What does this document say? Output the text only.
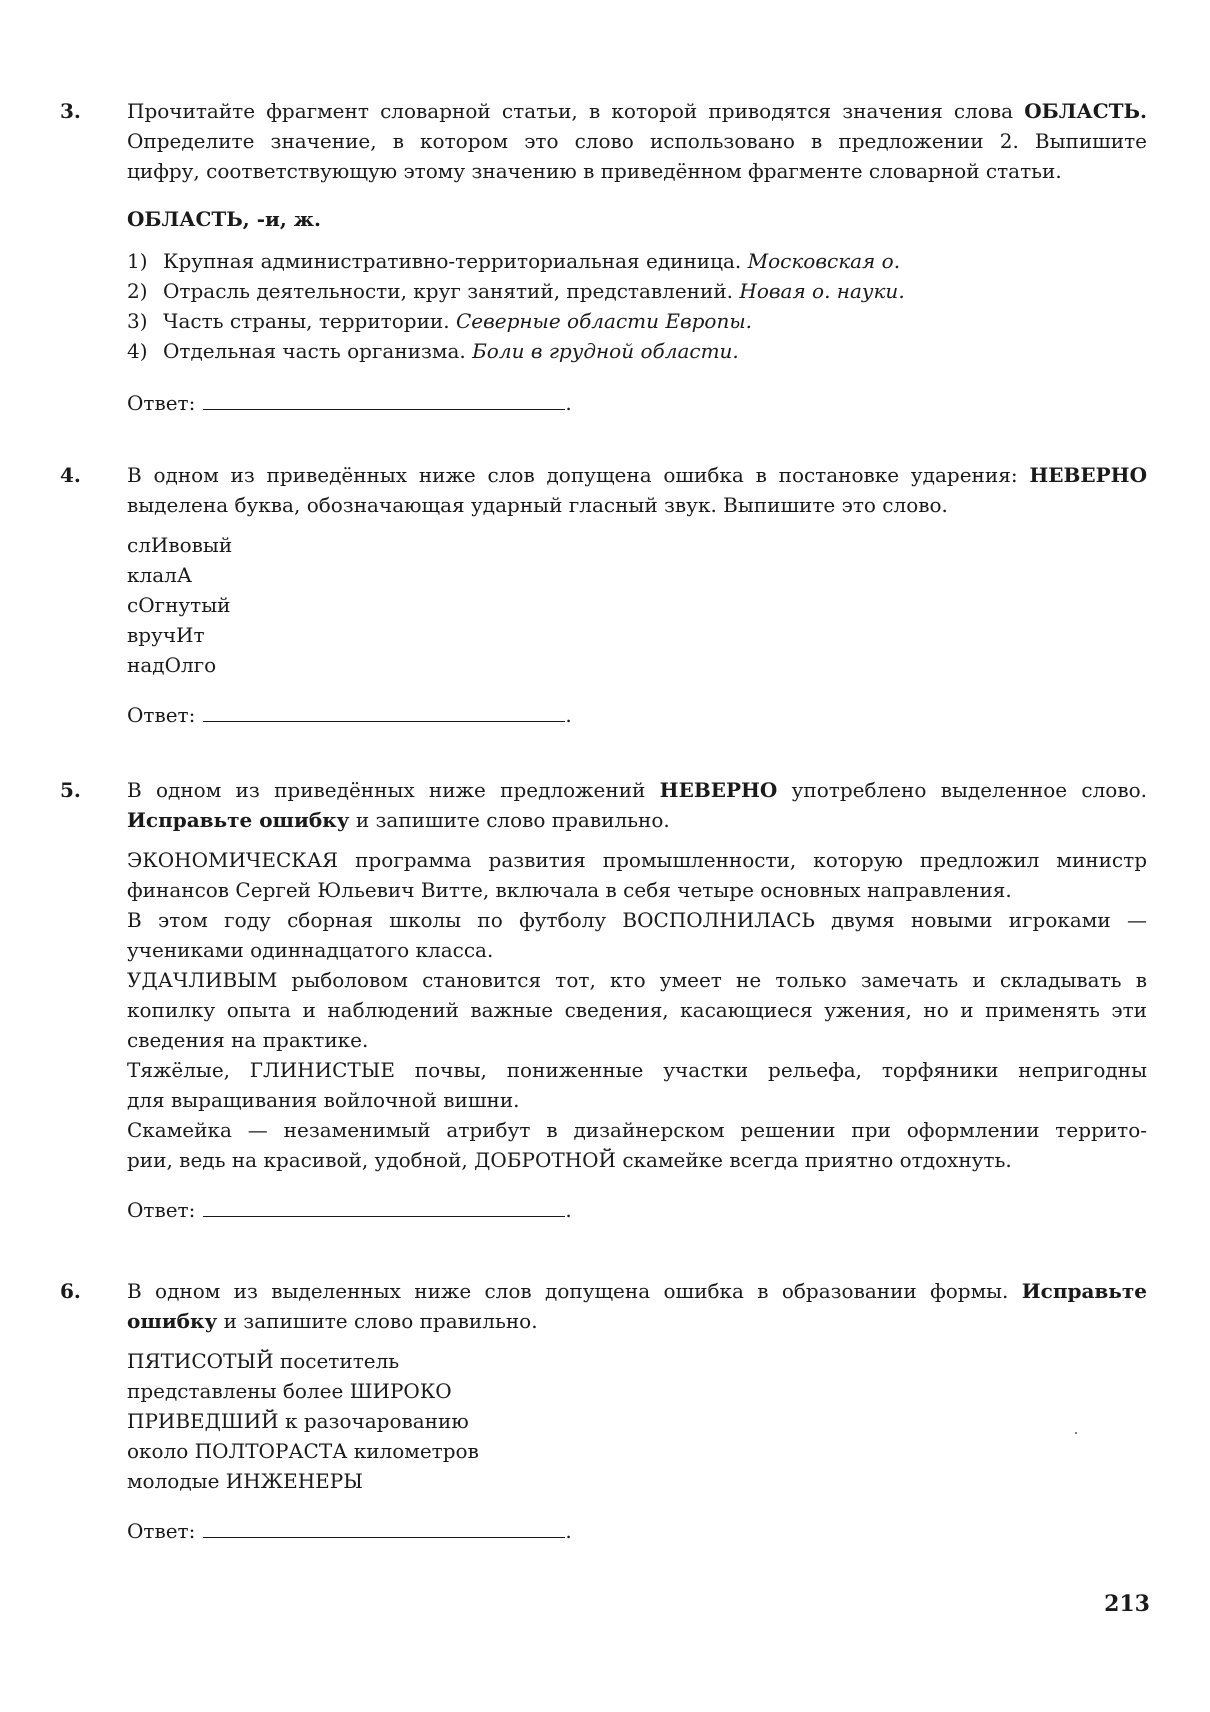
3. Прочитайте фрагмент словарной статьи, в которой приводятся значения слова ОБЛАСТЬ.
Определите значение, в котором это слово использовано в предложении 2. Выпишите
цифру, соответствующую этому значению в приведённом фрагменте словарной статьи.
ОБЛАСТЬ, -и, ж.
1) Крупная административно-территориальная единица. Московская о.
2) Отрасль деятельности, круг занятий, представлений. Новая о. науки.
3) Часть страны, территории. Северные области Европы.
4) Отдельная часть организма. Боли в грудной области.
Ответ:	.
4. В одном из приведённых ниже слов допущена ошибка в постановке ударения: НЕВЕРНО
выделена буква, обозначающая ударный гласный звук. Выпишите это слово.
слИвовый
клалА
сОгнутый
вручИт
надОлго
Ответ:	.
5. В одном из приведённых ниже предложений НЕВЕРНО употреблено выделенное слово.
Исправьте ошибку и запишите слово правильно.
ЭКОНОМИЧЕСКАЯ программа развития промышленности, которую предложил министр
финансов Сергей Юльевич Витте, включала в себя четыре основных направления.
В этом году сборная школы по футболу ВОСПОЛНИЛАСЬ двумя новыми игроками —
учениками одиннадцатого класса.
УДАЧЛИВЫМ рыболовом становится тот, кто умеет не только замечать и складывать в
копилку опыта и наблюдений важные сведения, касающиеся ужения, но и применять эти
сведения на практике.
Тяжёлые, ГЛИНИСТЫЕ почвы, пониженные участки рельефа, торфяники непригодны
для выращивания войлочной вишни.
Скамейка — незаменимый атрибут в дизайнерском решении при оформлении террито-
рии, ведь на красивой, удобной, ДОБРОТНОЙ скамейке всегда приятно отдохнуть.
Ответ:	.
6. В одном из выделенных ниже слов допущена ошибка в образовании формы. Исправьте
ошибку и запишите слово правильно.
ПЯТИСОТЫЙ посетитель
представлены более ШИРОКО
ПРИВЕДШИЙ к разочарованию
около ПОЛТОРАСТА километров
молодые ИНЖЕНЕРЫ
Ответ:	.
213
